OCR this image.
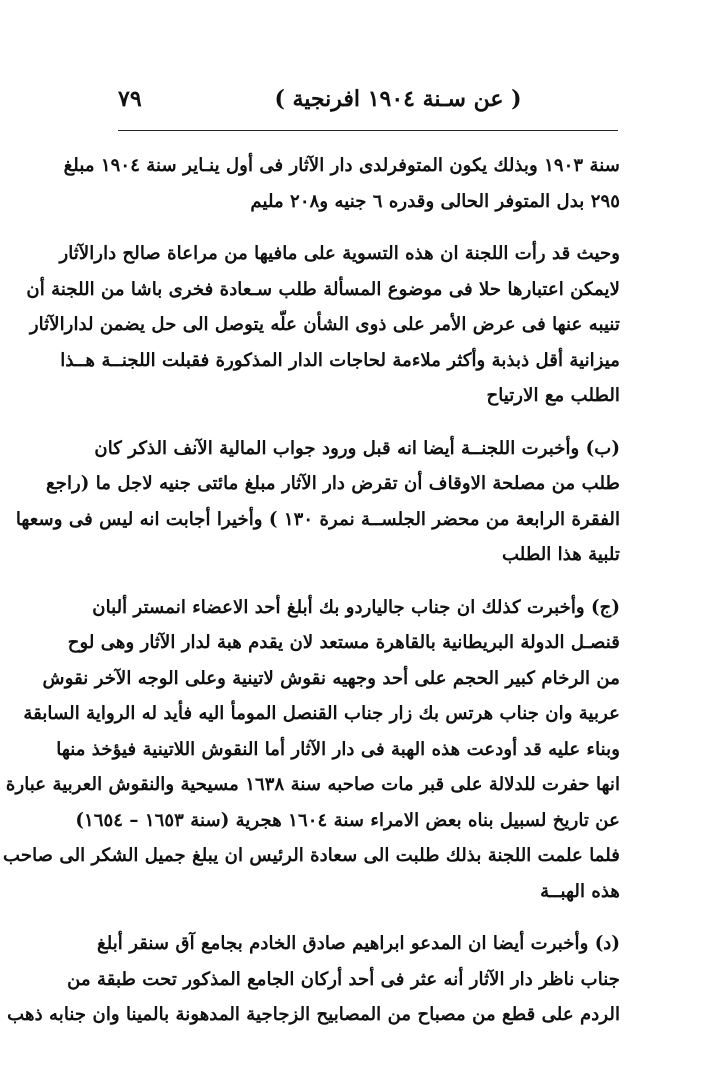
( عن سـنة ١٩٠٤ افرنجية )
٧٩
سنة ١٩٠٣ وبذلك يكون المتوفرلدى دار الآثار فى أول ينـاير سنة ١٩٠٤ مبلغ
٢٩٥ بدل المتوفر الحالى وقدره ٦ جنيه و٢٠٨ مليم
وحيث قد رأت اللجنة ان هذه التسوية على مافيها من مراعاة صالح دارالآثار
لايمكن اعتبارها حلا فى موضوع المسألة طلب سـعادة فخرى باشا من اللجنة أن
تنيبه عنها فى عرض الأمر على ذوى الشأن علّه يتوصل الى حل يضمن لدارالآثار
ميزانية أقل ذبذبة وأكثر ملاءمة لحاجات الدار المذكورة فقبلت اللجنــة هــذا
الطلب مع الارتياح
(ب) وأخبرت اللجنــة أيضا انه قبل ورود جواب المالية الآنف الذكر كان
طلب من مصلحة الاوقاف أن تقرض دار الآثار مبلغ مائتى جنيه لاجل ما (راجع
الفقرة الرابعة من محضر الجلســة نمرة ١٣٠ ) وأخيرا أجابت انه ليس فى وسعها
تلبية هذا الطلب
(ج) وأخبرت كذلك ان جناب جالياردو بك أبلغ أحد الاعضاء انمستر ألبان
قنصـل الدولة البريطانية بالقاهرة مستعد لان يقدم هبة لدار الآثار وهى لوح
من الرخام كبير الحجم على أحد وجهيه نقوش لاتينية وعلى الوجه الآخر نقوش
عربية وان جناب هرتس بك زار جناب القنصل المومأ اليه فأيد له الرواية السابقة
وبناء عليه قد أودعت هذه الهبة فى دار الآثار أما النقوش اللاتينية فيؤخذ منها
انها حفرت للدلالة على قبر مات صاحبه سنة ١٦٣٨ مسيحية والنقوش العربية عبارة
عن تاريخ لسبيل بناه بعض الامراء سنة ١٦٠٤ هجرية (سنة ١٦٥٣ – ١٦٥٤)
فلما علمت اللجنة بذلك طلبت الى سعادة الرئيس ان يبلغ جميل الشكر الى صاحب
هذه الهبــة
(د) وأخبرت أيضا ان المدعو ابراهيم صادق الخادم بجامع آق سنقر أبلغ
جناب ناظر دار الآثار أنه عثر فى أحد أركان الجامع المذكور تحت طبقة من
الردم على قطع من مصباح من المصابيح الزجاجية المدهونة بالمينا وان جنابه ذهب
